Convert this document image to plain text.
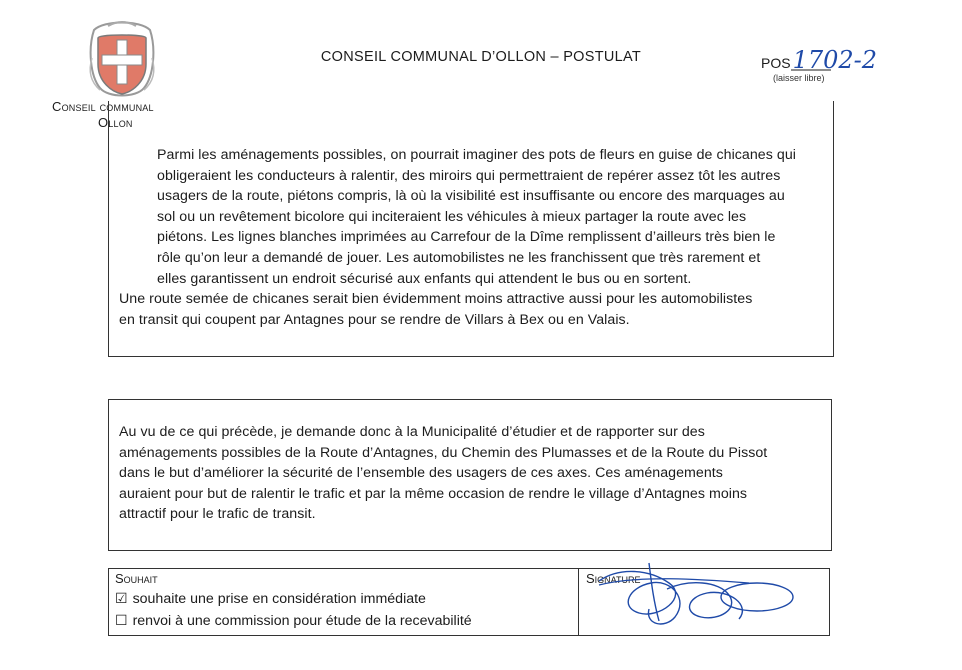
Conseil communal
Ollon
CONSEIL COMMUNAL D’OLLON – POSTULAT	POS1702-2
(laisser libre)
Parmi les aménagements possibles, on pourrait imaginer des pots de fleurs en guise de chicanes qui
obligeraient les conducteurs à ralentir, des miroirs qui permettraient de repérer assez tôt les autres
usagers de la route, piétons compris, là où la visibilité est insuffisante ou encore des marquages au
sol ou un revêtement bicolore qui inciteraient les véhicules à mieux partager la route avec les
piétons. Les lignes blanches imprimées au Carrefour de la Dîme remplissent d’ailleurs très bien le
rôle qu’on leur a demandé de jouer. Les automobilistes ne les franchissent que très rarement et
elles garantissent un endroit sécurisé aux enfants qui attendent le bus ou en sortent.
Une route semée de chicanes serait bien évidemment moins attractive aussi pour les automobilistes
en transit qui coupent par Antagnes pour se rendre de Villars à Bex ou en Valais.
Au vu de ce qui précède, je demande donc à la Municipalité d’étudier et de rapporter sur des
aménagements possibles de la Route d’Antagnes, du Chemin des Plumasses et de la Route du Pissot
dans le but d’améliorer la sécurité de l’ensemble des usagers de ces axes. Ces aménagements
auraient pour but de ralentir le trafic et par la même occasion de rendre le village d’Antagnes moins
attractif pour le trafic de transit.
Souhait
☑ souhaite une prise en considération immédiate
☐ renvoi à une commission pour étude de la recevabilité
Signature
